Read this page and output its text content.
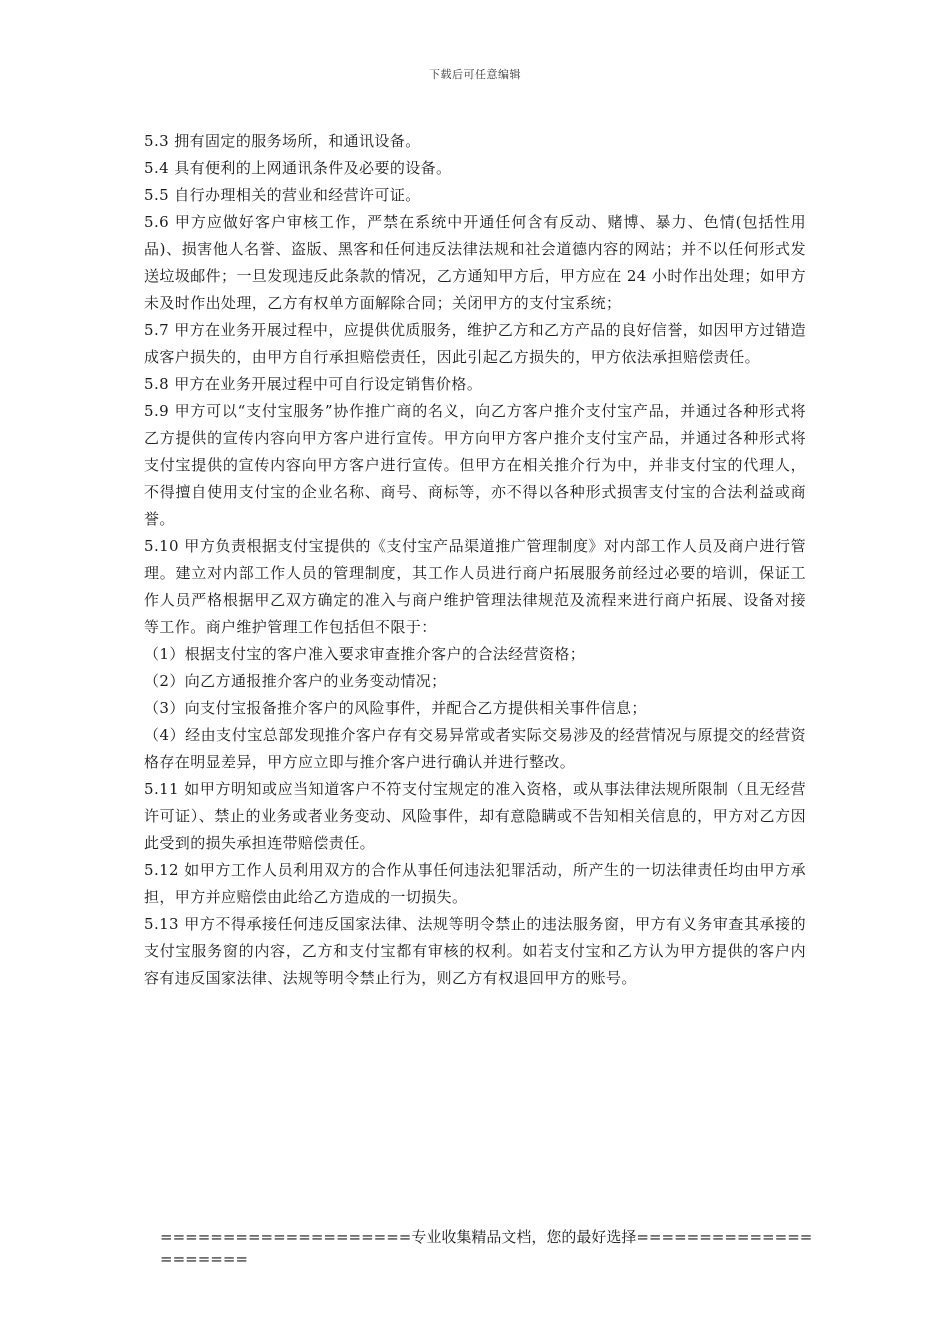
下载后可任意编辑

5.3 拥有固定的服务场所，和通讯设备。

5.4 具有便利的上网通讯条件及必要的设备。

5.5 自行办理相关的营业和经营许可证。

5.6 甲方应做好客户审核工作，严禁在系统中开通任何含有反动、赌博、暴力、色情(包括性用品)、损害他人名誉、盗版、黑客和任何违反法律法规和社会道德内容的网站；并不以任何形式发送垃圾邮件；一旦发现违反此条款的情况，乙方通知甲方后，甲方应在 24 小时作出处理；如甲方未及时作出处理，乙方有权单方面解除合同；关闭甲方的支付宝系统；

5.7 甲方在业务开展过程中，应提供优质服务，维护乙方和乙方产品的良好信誉，如因甲方过错造成客户损失的，由甲方自行承担赔偿责任，因此引起乙方损失的，甲方依法承担赔偿责任。

5.8 甲方在业务开展过程中可自行设定销售价格。

5.9 甲方可以“支付宝服务”协作推广商的名义，向乙方客户推介支付宝产品，并通过各种形式将乙方提供的宣传内容向甲方客户进行宣传。甲方向甲方客户推介支付宝产品，并通过各种形式将支付宝提供的宣传内容向甲方客户进行宣传。但甲方在相关推介行为中，并非支付宝的代理人，不得擅自使用支付宝的企业名称、商号、商标等，亦不得以各种形式损害支付宝的合法利益或商誉。

5.10 甲方负责根据支付宝提供的《支付宝产品渠道推广管理制度》对内部工作人员及商户进行管理。建立对内部工作人员的管理制度，其工作人员进行商户拓展服务前经过必要的培训，保证工作人员严格根据甲乙双方确定的准入与商户维护管理法律规范及流程来进行商户拓展、设备对接等工作。商户维护管理工作包括但不限于：

（1）根据支付宝的客户准入要求审查推介客户的合法经营资格；

（2）向乙方通报推介客户的业务变动情况；

（3）向支付宝报备推介客户的风险事件，并配合乙方提供相关事件信息；

（4）经由支付宝总部发现推介客户存有交易异常或者实际交易涉及的经营情况与原提交的经营资格存在明显差异，甲方应立即与推介客户进行确认并进行整改。

5.11 如甲方明知或应当知道客户不符支付宝规定的准入资格，或从事法律法规所限制（且无经营许可证）、禁止的业务或者业务变动、风险事件，却有意隐瞒或不告知相关信息的，甲方对乙方因此受到的损失承担连带赔偿责任。

5.12 如甲方工作人员利用双方的合作从事任何违法犯罪活动，所产生的一切法律责任均由甲方承担，甲方并应赔偿由此给乙方造成的一切损失。

5.13 甲方不得承接任何违反国家法律、法规等明令禁止的违法服务窗，甲方有义务审查其承接的支付宝服务窗的内容，乙方和支付宝都有审核的权利。如若支付宝和乙方认为甲方提供的客户内容有违反国家法律、法规等明令禁止行为，则乙方有权退回甲方的账号。

====================专业收集精品文档，您的最好选择=====================
